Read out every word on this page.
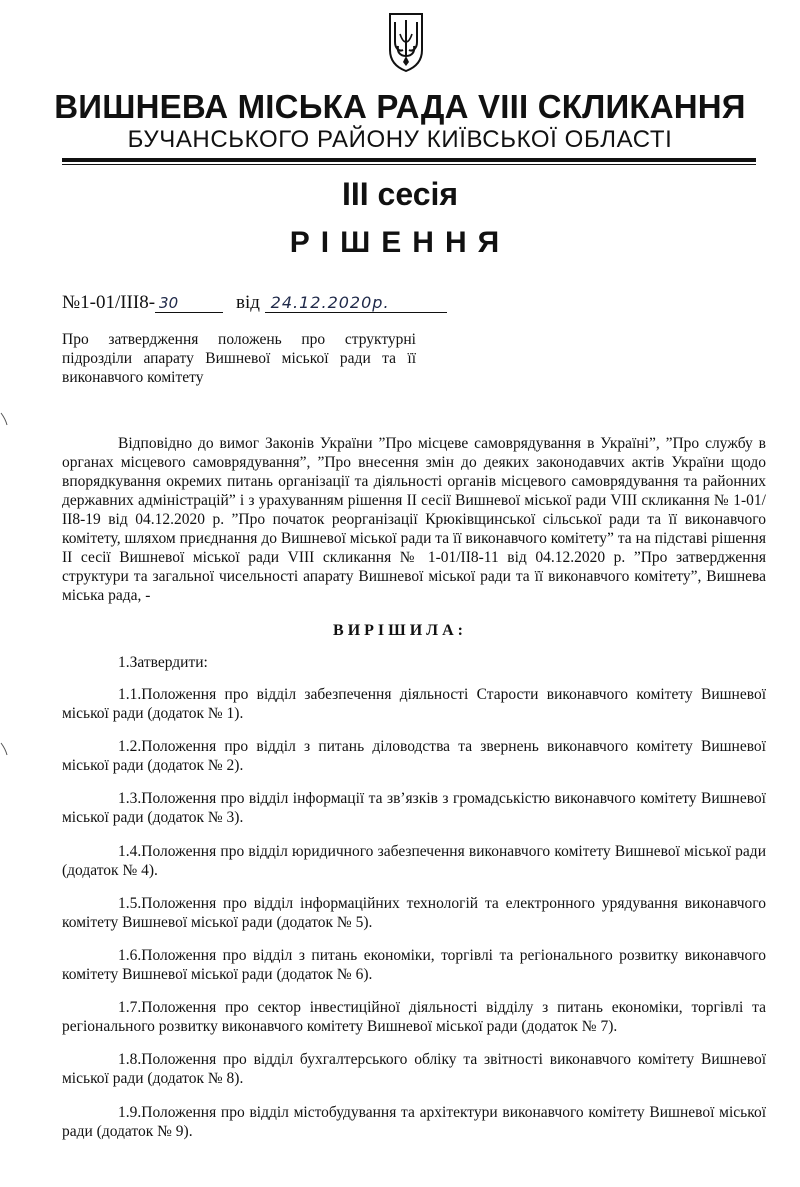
ВИШНЕВА МІСЬКА РАДА VIII СКЛИКАННЯ
БУЧАНСЬКОГО РАЙОНУ КИЇВСЬКОЇ ОБЛАСТІ
III сесія
РІШЕННЯ
№1-01/ІІІ8- 30	від 24.12.2020р.
Про затвердження положень про структурні підрозділи апарату Вишневої міської ради та її виконавчого комітету
Відповідно до вимог Законів України ”Про місцеве самоврядування в Україні”, ”Про службу в органах місцевого самоврядування”, ”Про внесення змін до деяких законодавчих актів України щодо впорядкування окремих питань організації та діяльності органів місцевого самоврядування та районних державних адміністрацій” і з урахуванням рішення ІІ сесії Вишневої міської ради VIII скликання № 1-01/ІІ8-19 від 04.12.2020 р. ”Про початок реорганізації Крюківщинської сільської ради та її виконавчого комітету, шляхом приєднання до Вишневої міської ради та її виконавчого комітету” та на підставі рішення ІІ сесії Вишневої міської ради VIII скликання № 1-01/ІІ8-11 від 04.12.2020 р. ”Про затвердження структури та загальної чисельності апарату Вишневої міської ради та її виконавчого комітету”, Вишнева міська рада, -
ВИРІШИЛА:
1.Затвердити:

1.1.Положення про відділ забезпечення діяльності Старости виконавчого комітету Вишневої міської ради (додаток № 1).

1.2.Положення про відділ з питань діловодства та звернень виконавчого комітету Вишневої міської ради (додаток № 2).

1.3.Положення про відділ інформації та зв’язків з громадськістю виконавчого комітету Вишневої міської ради (додаток № 3).

1.4.Положення про відділ юридичного забезпечення виконавчого комітету Вишневої міської ради (додаток № 4).

1.5.Положення про відділ інформаційних технологій та електронного урядування виконавчого комітету Вишневої міської ради (додаток № 5).

1.6.Положення про відділ з питань економіки, торгівлі та регіонального розвитку виконавчого комітету Вишневої міської ради (додаток № 6).

1.7.Положення про сектор інвестиційної діяльності відділу з питань економіки, торгівлі та регіонального розвитку виконавчого комітету Вишневої міської ради (додаток № 7).

1.8.Положення про відділ бухгалтерського обліку та звітності виконавчого комітету Вишневої міської ради (додаток № 8).

1.9.Положення про відділ містобудування та архітектури виконавчого комітету Вишневої міської ради (додаток № 9).
